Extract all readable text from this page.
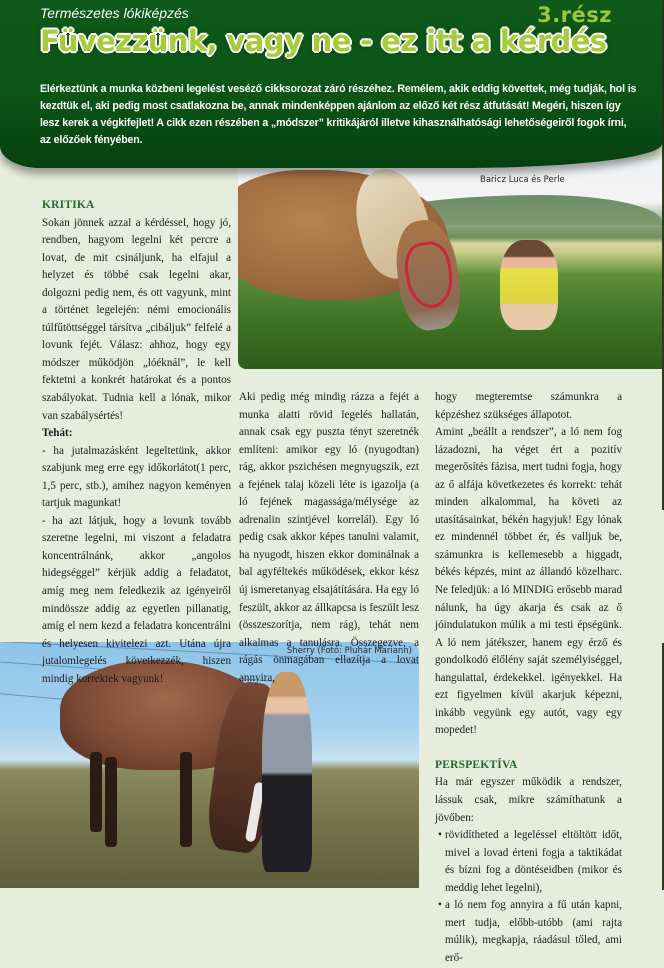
Természetes lókiképzés	3.rész
Füvezzünk, vagy ne - ez itt a kérdés
Elérkeztünk a munka közbeni legelést veséző cikksorozat záró részéhez. Remélem, akik eddig követtek, még tudják, hol is kezdtük el, aki pedig most csatlakozna be, annak mindenképpen ajánlom az előző két rész átfutását! Megéri, hiszen így lesz kerek a végkifejlet! A cikk ezen részében a „módszer” kritikájáról illetve kihasználhatósági lehetőségeiről fogok írni, az előzőek fényében.
Baricz Luca és Perle
Sherry (Fotó: Pluhár Mariann)

KRITIKA

Sokan jönnek azzal a kérdéssel, hogy jó, rendben, hagyom legelni két percre a lovat, de mit csináljunk, ha elfajul a helyzet és többé csak legelni akar, dolgozni pedig nem, és ott vagyunk, mint a történet legelején: némi emocionális túlfűtöttséggel társítva „cibáljuk” felfelé a lovunk fejét. Válasz: ahhoz, hogy egy módszer működjön „lóéknál”, le kell fektetni a konkrét határokat és a pontos szabályokat. Tudnia kell a lónak, mikor van szabálysértés!

Tehát:

- ha jutalmazásként legeltetünk, akkor szabjunk meg erre egy időkorlátot(1 perc, 1,5 perc, stb.), amihez nagyon keményen tartjuk magunkat!

- ha azt látjuk, hogy a lovunk tovább szeretne legelni, mi viszont a feladatra koncentrálnánk, akkor „angolos hidegséggel” kérjük addig a feladatot, amíg meg nem feledkezik az igényeiről mindössze addig az egyetlen pillanatig, amíg el nem kezd a feladatra koncentrálni és helyesen kivitelezi azt. Utána újra jutalomlegelés következzék, hiszen mindig korrektek vagyunk!

Aki pedig még mindig rázza a fejét a munka alatti rövid legelés hallatán, annak csak egy puszta tényt szeretnék említeni: amikor egy ló (nyugodtan) rág, akkor pszichésen megnyugszik, ezt a fejének talaj közeli léte is igazolja (a ló fejének magassága/mélysége az adrenalin szintjével korrelál). Egy ló pedig csak akkor képes tanulni valamit, ha nyugodt, hiszen ekkor dominálnak a bal agyféltekés működések, ekkor kész új ismeretanyag elsajátítására. Ha egy ló feszült, akkor az állkapcsa is feszült lesz (összeszorítja, nem rág), tehát nem alkalmas a tanulásra. Összegezve, a rágás önmagában ellazítja a lovat annyira,

hogy megteremtse számunkra a képzéshez szükséges állapotot.

Amint „beállt a rendszer”, a ló nem fog lázadozni, ha véget ért a pozitív megerősítés fázisa, mert tudni fogja, hogy az ő alfája következetes és korrekt: tehát minden alkalommal, ha követi az utasításainkat, békén hagyjuk! Egy lónak ez mindennél többet ér, és valljuk be, számunkra is kellemesebb a higgadt, békés képzés, mint az állandó közelharc. Ne feledjük: a ló MINDIG erősebb marad nálunk, ha úgy akarja és csak az ő jóindulatukon múlik a mi testi épségünk. A ló nem játékszer, hanem egy érző és gondolkodó élőlény saját személyiséggel, hangulattal, érdekekkel. igényekkel. Ha ezt figyelmen kívül akarjuk képezni, inkább vegyünk egy autót, vagy egy mopedet!

PERSPEKTÍVA

Ha már egyszer működik a rendszer, lássuk csak, mikre számíthatunk a jövőben:

• rövidítheted a legeléssel eltöltött időt, mivel a lovad érteni fogja a taktikádat és bízni fog a döntéseidben (mikor és meddig lehet legelni),

• a ló nem fog annyira a fű után kapni, mert tudja, előbb-utóbb (ami rajta múlik), megkapja, ráadásul tőled, ami erő-
